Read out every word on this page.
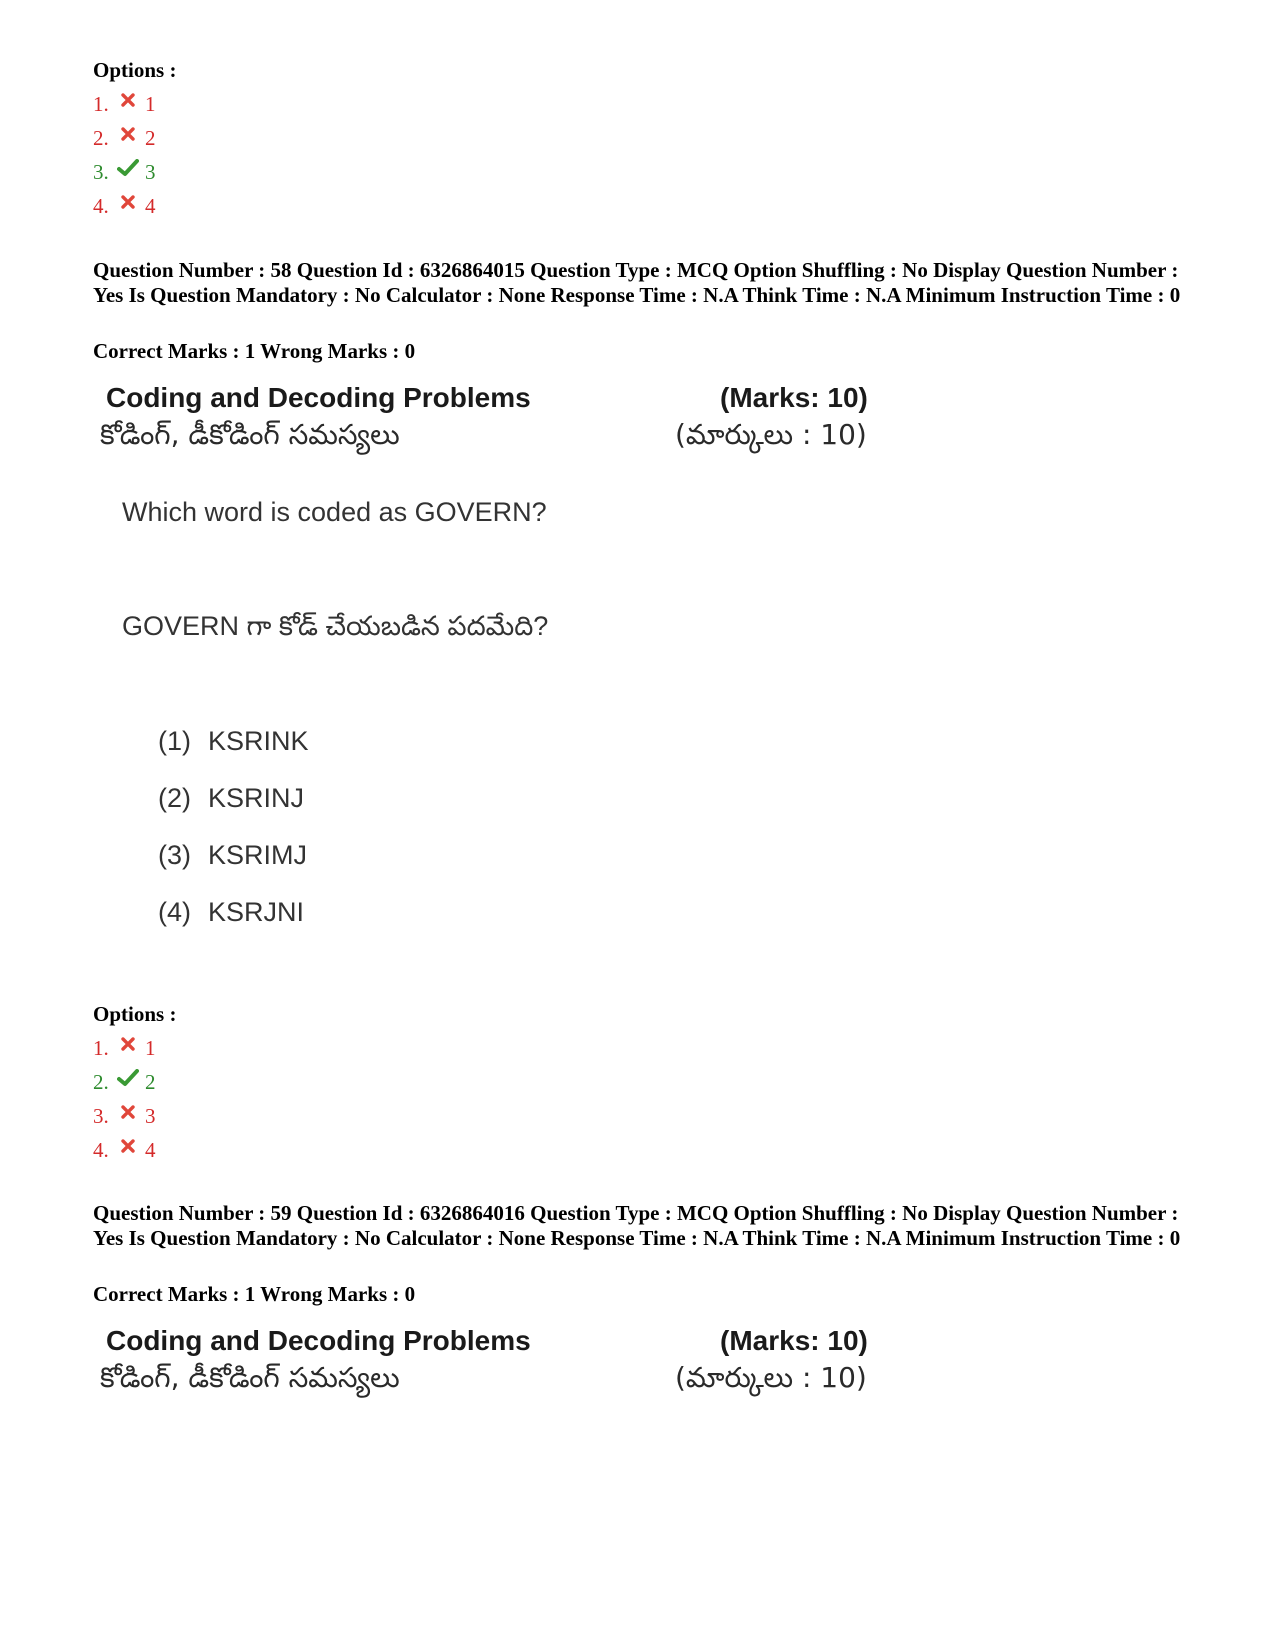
Options :
1. 1
2. 2
3. 3
4. 4
Question Number : 58 Question Id : 6326864015 Question Type : MCQ Option Shuffling : No Display Question Number : Yes Is Question Mandatory : No Calculator : None Response Time : N.A Think Time : N.A Minimum Instruction Time : 0
Correct Marks : 1 Wrong Marks : 0
Coding and Decoding Problems	(Marks: 10)
కోడింగ్, డీకోడింగ్ సమస్యలు	(మార్కులు : 10)
Which word is coded as GOVERN?
GOVERN గా కోడ్ చేయబడిన పదమేది?
(1) KSRINK
(2) KSRINJ
(3) KSRIMJ
(4) KSRJNI
Options :
1. 1
2. 2
3. 3
4. 4
Question Number : 59 Question Id : 6326864016 Question Type : MCQ Option Shuffling : No Display Question Number : Yes Is Question Mandatory : No Calculator : None Response Time : N.A Think Time : N.A Minimum Instruction Time : 0
Correct Marks : 1 Wrong Marks : 0
Coding and Decoding Problems	(Marks: 10)
కోడింగ్, డీకోడింగ్ సమస్యలు	(మార్కులు : 10)
